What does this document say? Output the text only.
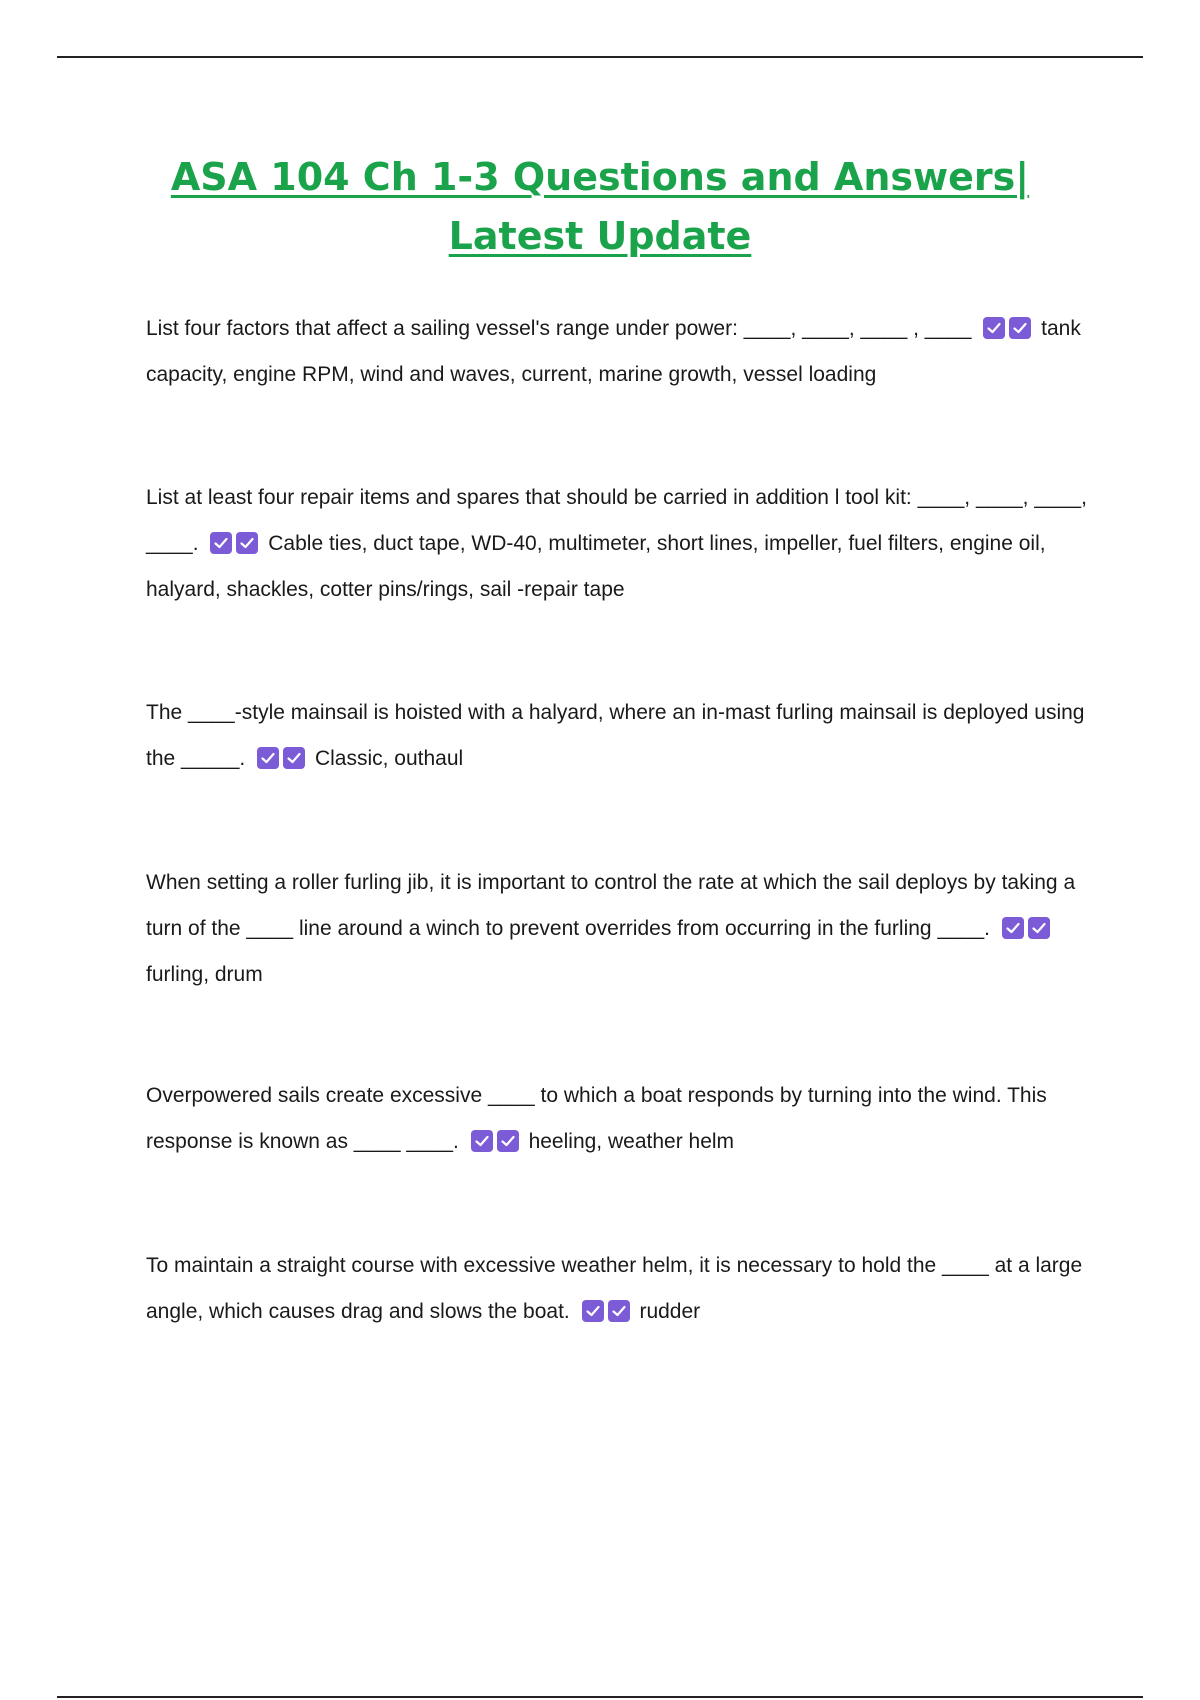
ASA 104 Ch 1-3 Questions and Answers| Latest Update

List four factors that affect a sailing vessel's range under power: ____, ____, ____ , ____	tank capacity, engine RPM, wind and waves, current, marine growth, vessel loading

List at least four repair items and spares that should be carried in addition l tool kit: ____, ____, ____, ____.	Cable ties, duct tape, WD-40, multimeter, short lines, impeller, fuel filters, engine oil, halyard, shackles, cotter pins/rings, sail -repair tape

The ____-style mainsail is hoisted with a halyard, where an in-mast furling mainsail is deployed using the _____.	Classic, outhaul

When setting a roller furling jib, it is important to control the rate at which the sail deploys by taking a turn of the ____ line around a winch to prevent overrides from occurring in the furling ____.
furling, drum

Overpowered sails create excessive ____ to which a boat responds by turning into the wind. This response is known as ____ ____.	heeling, weather helm

To maintain a straight course with excessive weather helm, it is necessary to hold the ____ at a large angle, which causes drag and slows the boat.	rudder
